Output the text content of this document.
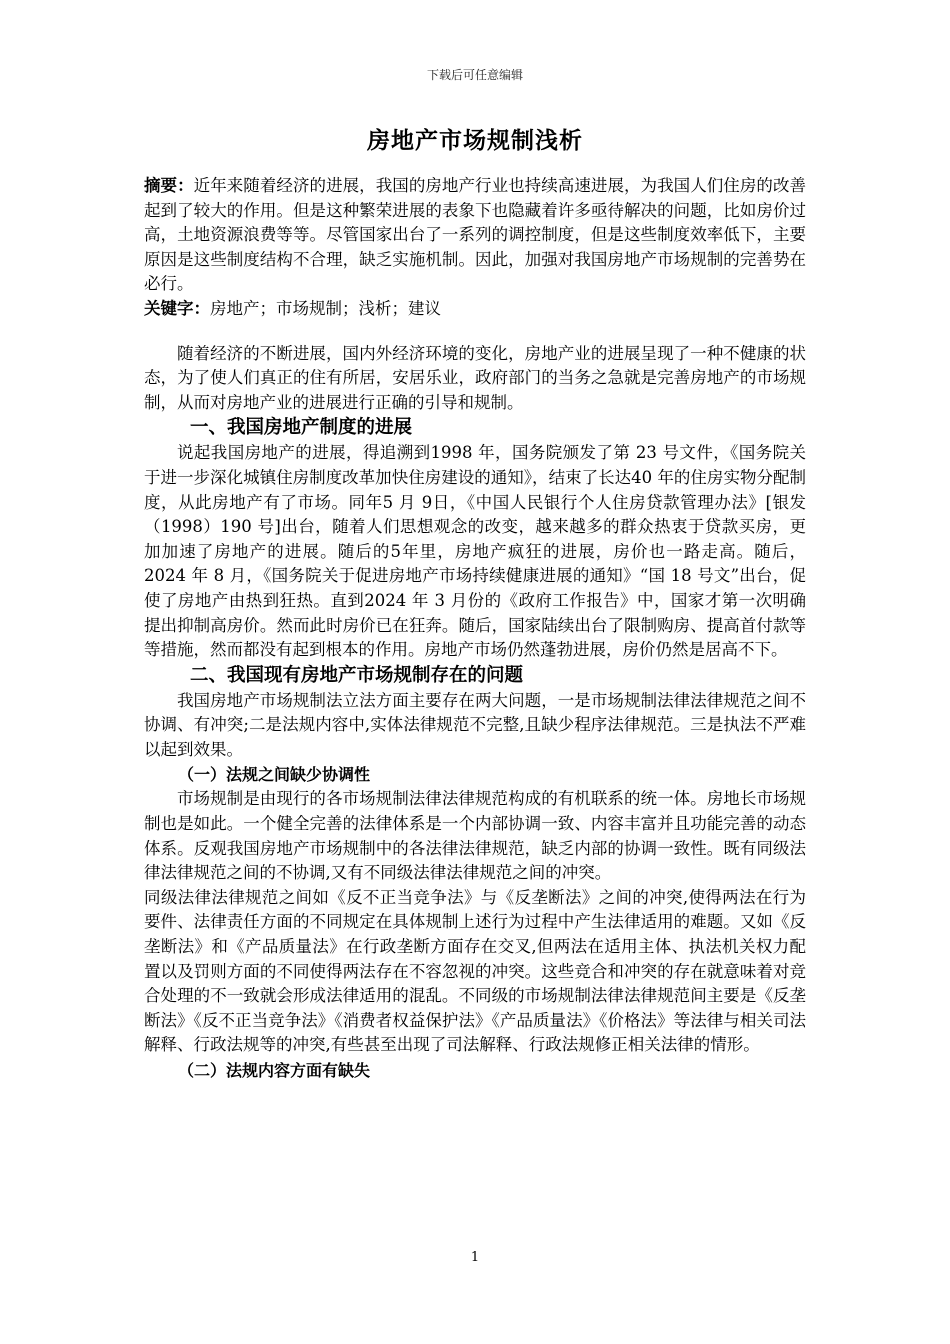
下载后可任意编辑
房地产市场规制浅析

摘要：近年来随着经济的进展，我国的房地产行业也持续高速进展，为我国人们住房的改善起到了较大的作用。但是这种繁荣进展的表象下也隐藏着许多亟待解决的问题，比如房价过高，土地资源浪费等等。尽管国家出台了一系列的调控制度，但是这些制度效率低下，主要原因是这些制度结构不合理，缺乏实施机制。因此，加强对我国房地产市场规制的完善势在必行。

关键字：房地产；市场规制；浅析；建议

随着经济的不断进展，国内外经济环境的变化，房地产业的进展呈现了一种不健康的状态，为了使人们真正的住有所居，安居乐业，政府部门的当务之急就是完善房地产的市场规制，从而对房地产业的进展进行正确的引导和规制。

一、我国房地产制度的进展

说起我国房地产的进展，得追溯到1998 年，国务院颁发了第 23 号文件，《国务院关于进一步深化城镇住房制度改革加快住房建设的通知》，结束了长达40 年的住房实物分配制度，从此房地产有了市场。同年5 月 9日，《中国人民银行个人住房贷款管理办法》[银发（1998）190 号]出台，随着人们思想观念的改变，越来越多的群众热衷于贷款买房，更加加速了房地产的进展。随后的5年里，房地产疯狂的进展，房价也一路走高。随后，2024 年 8 月，《国务院关于促进房地产市场持续健康进展的通知》“国 18 号文”出台，促使了房地产由热到狂热。直到2024 年 3 月份的《政府工作报告》中，国家才第一次明确提出抑制高房价。然而此时房价已在狂奔。随后，国家陆续出台了限制购房、提高首付款等等措施，然而都没有起到根本的作用。房地产市场仍然蓬勃进展，房价仍然是居高不下。

二、我国现有房地产市场规制存在的问题

我国房地产市场规制法立法方面主要存在两大问题，一是市场规制法律法律规范之间不协调、有冲突;二是法规内容中,实体法律规范不完整,且缺少程序法律规范。三是执法不严难以起到效果。

（一）法规之间缺少协调性

市场规制是由现行的各市场规制法律法律规范构成的有机联系的统一体。房地长市场规制也是如此。一个健全完善的法律体系是一个内部协调一致、内容丰富并且功能完善的动态体系。反观我国房地产市场规制中的各法律法律规范，缺乏内部的协调一致性。既有同级法律法律规范之间的不协调,又有不同级法律法律规范之间的冲突。

同级法律法律规范之间如《反不正当竞争法》与《反垄断法》之间的冲突,使得两法在行为要件、法律责任方面的不同规定在具体规制上述行为过程中产生法律适用的难题。又如《反垄断法》和《产品质量法》在行政垄断方面存在交叉,但两法在适用主体、执法机关权力配置以及罚则方面的不同使得两法存在不容忽视的冲突。这些竞合和冲突的存在就意味着对竞合处理的不一致就会形成法律适用的混乱。不同级的市场规制法律法律规范间主要是《反垄断法》《反不正当竞争法》《消费者权益保护法》《产品质量法》《价格法》等法律与相关司法解释、行政法规等的冲突,有些甚至出现了司法解释、行政法规修正相关法律的情形。

（二）法规内容方面有缺失

1
